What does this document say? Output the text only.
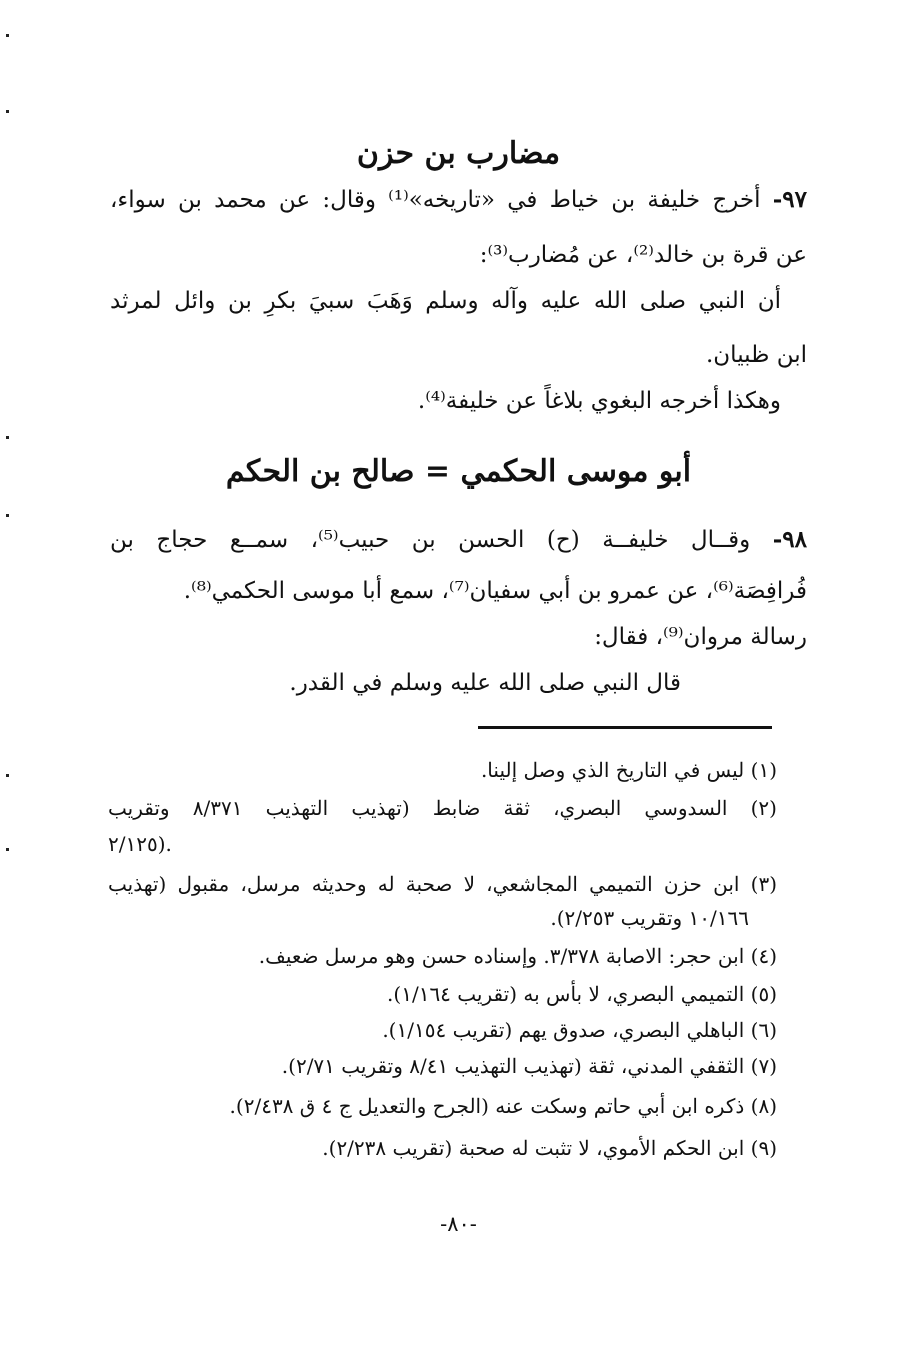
مضارب بن حزن
٩٧- أخرج خليفة بن خياط في «تاريخه»⁽¹⁾ وقال: عن محمد بن سواء،
عن قرة بن خالد⁽²⁾، عن مُضارب⁽³⁾:
أن النبي صلى الله عليه وآله وسلم وَهَبَ سبيَ بكرِ بن وائل لمرثد
ابن ظبيان.
وهكذا أخرجه البغوي بلاغاً عن خليفة⁽⁴⁾.
أبو موسى الحكمي = صالح بن الحكم
٩٨- وقــال خليفــة (ح) الحسن بن حبيب⁽⁵⁾، سمــع حجاج بن
فُرافِصَة⁽⁶⁾، عن عمرو بن أبي سفيان⁽⁷⁾، سمع أبا موسى الحكمي⁽⁸⁾.
رسالة مروان⁽⁹⁾، فقال:
قال النبي صلى الله عليه وسلم في القدر.
(١) ليس في التاريخ الذي وصل إلينا.
(٢) السدوسي البصري، ثقة ضابط (تهذيب التهذيب ٨/٣٧١ وتقريب
٢/١٢٥).
(٣) ابن حزن التميمي المجاشعي، لا صحبة له وحديثه مرسل، مقبول (تهذيب
١٠/١٦٦ وتقريب ٢/٢٥٣).
(٤) ابن حجر: الاصابة ٣/٣٧٨. وإسناده حسن وهو مرسل ضعيف.
(٥) التميمي البصري، لا بأس به (تقريب ١/١٦٤).
(٦) الباهلي البصري، صدوق يهم (تقريب ١/١٥٤).
(٧) الثقفي المدني، ثقة (تهذيب التهذيب ٨/٤١ وتقريب ٢/٧١).
(٨) ذكره ابن أبي حاتم وسكت عنه (الجرح والتعديل ج ٤ ق ٢/٤٣٨).
(٩) ابن الحكم الأموي، لا تثبت له صحبة (تقريب ٢/٢٣٨).
-٨٠-
